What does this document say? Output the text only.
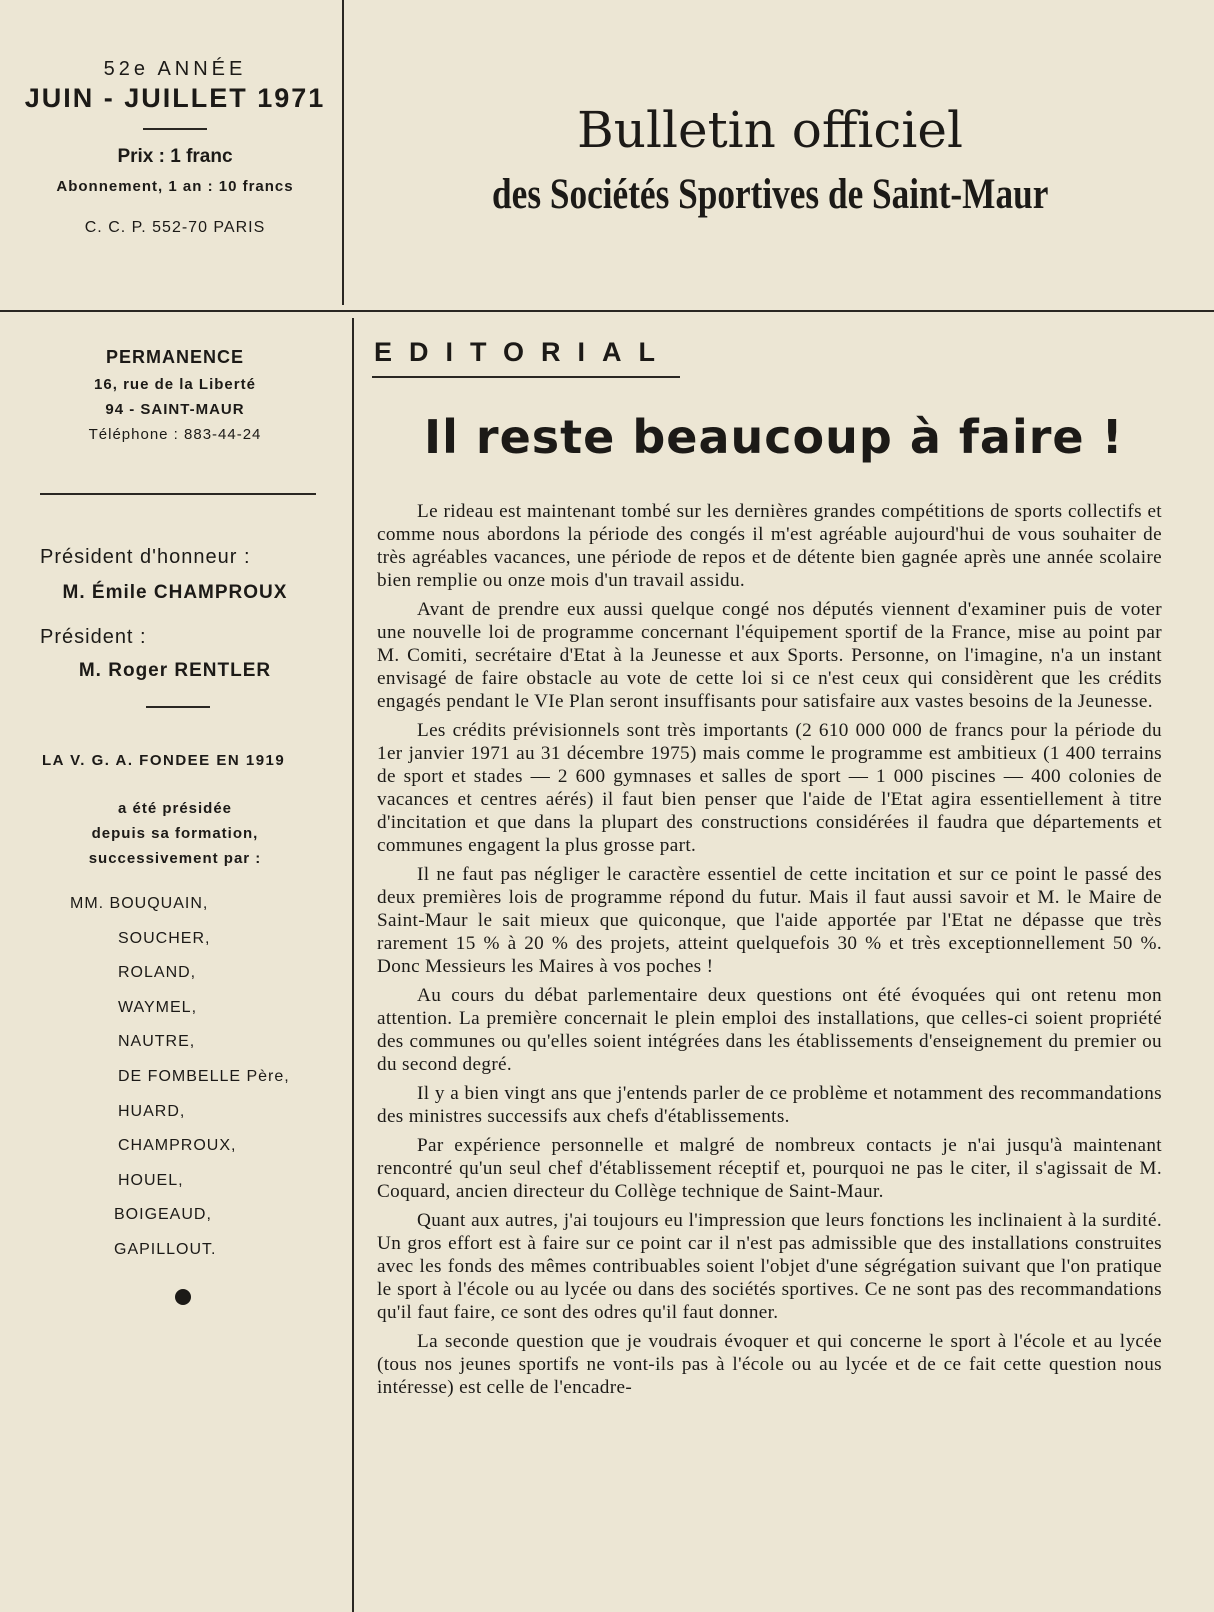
52e ANNÉE

JUIN - JUILLET 1971

Prix : 1 franc

Abonnement, 1 an : 10 francs

C. C. P. 552-70 PARIS

Bulletin officiel

des Sociétés Sportives de Saint-Maur

PERMANENCE

16, rue de la Liberté

94 - SAINT-MAUR

Téléphone : 883-44-24

Président d'honneur :

M. Émile CHAMPROUX

Président :

M. Roger RENTLER

LA V. G. A. FONDEE EN 1919

a été présidée

depuis sa formation,

successivement par :

MM. BOUQUAIN,
SOUCHER,
ROLAND,
WAYMEL,
NAUTRE,
DE FOMBELLE Père,
HUARD,
CHAMPROUX,
HOUEL,
BOIGEAUD,
GAPILLOUT.

EDITORIAL

Il reste beaucoup à faire !

Le rideau est maintenant tombé sur les dernières grandes compétitions de sports collectifs et comme nous abordons la période des congés il m'est agréable aujourd'hui de vous souhaiter de très agréables vacances, une période de repos et de détente bien gagnée après une année scolaire bien remplie ou onze mois d'un travail assidu.

Avant de prendre eux aussi quelque congé nos députés viennent d'examiner puis de voter une nouvelle loi de programme concernant l'équipement sportif de la France, mise au point par M. Comiti, secrétaire d'Etat à la Jeunesse et aux Sports. Personne, on l'imagine, n'a un instant envisagé de faire obstacle au vote de cette loi si ce n'est ceux qui considèrent que les crédits engagés pendant le VIe Plan seront insuffisants pour satisfaire aux vastes besoins de la Jeunesse.

Les crédits prévisionnels sont très importants (2 610 000 000 de francs pour la période du 1er janvier 1971 au 31 décembre 1975) mais comme le programme est ambitieux (1 400 terrains de sport et stades — 2 600 gymnases et salles de sport — 1 000 piscines — 400 colonies de vacances et centres aérés) il faut bien penser que l'aide de l'Etat agira essentiellement à titre d'incitation et que dans la plupart des constructions considérées il faudra que départements et communes engagent la plus grosse part.

Il ne faut pas négliger le caractère essentiel de cette incitation et sur ce point le passé des deux premières lois de programme répond du futur. Mais il faut aussi savoir et M. le Maire de Saint-Maur le sait mieux que quiconque, que l'aide apportée par l'Etat ne dépasse que très rarement 15 % à 20 % des projets, atteint quelquefois 30 % et très exceptionnellement 50 %. Donc Messieurs les Maires à vos poches !

Au cours du débat parlementaire deux questions ont été évoquées qui ont retenu mon attention. La première concernait le plein emploi des installations, que celles-ci soient propriété des communes ou qu'elles soient intégrées dans les établissements d'enseignement du premier ou du second degré.

Il y a bien vingt ans que j'entends parler de ce problème et notamment des recommandations des ministres successifs aux chefs d'établissements.

Par expérience personnelle et malgré de nombreux contacts je n'ai jusqu'à maintenant rencontré qu'un seul chef d'établissement réceptif et, pourquoi ne pas le citer, il s'agissait de M. Coquard, ancien directeur du Collège technique de Saint-Maur.

Quant aux autres, j'ai toujours eu l'impression que leurs fonctions les inclinaient à la surdité. Un gros effort est à faire sur ce point car il n'est pas admissible que des installations construites avec les fonds des mêmes contribuables soient l'objet d'une ségrégation suivant que l'on pratique le sport à l'école ou au lycée ou dans des sociétés sportives. Ce ne sont pas des recommandations qu'il faut faire, ce sont des odres qu'il faut donner.

La seconde question que je voudrais évoquer et qui concerne le sport à l'école et au lycée (tous nos jeunes sportifs ne vont-ils pas à l'école ou au lycée et de ce fait cette question nous intéresse) est celle de l'encadre-
